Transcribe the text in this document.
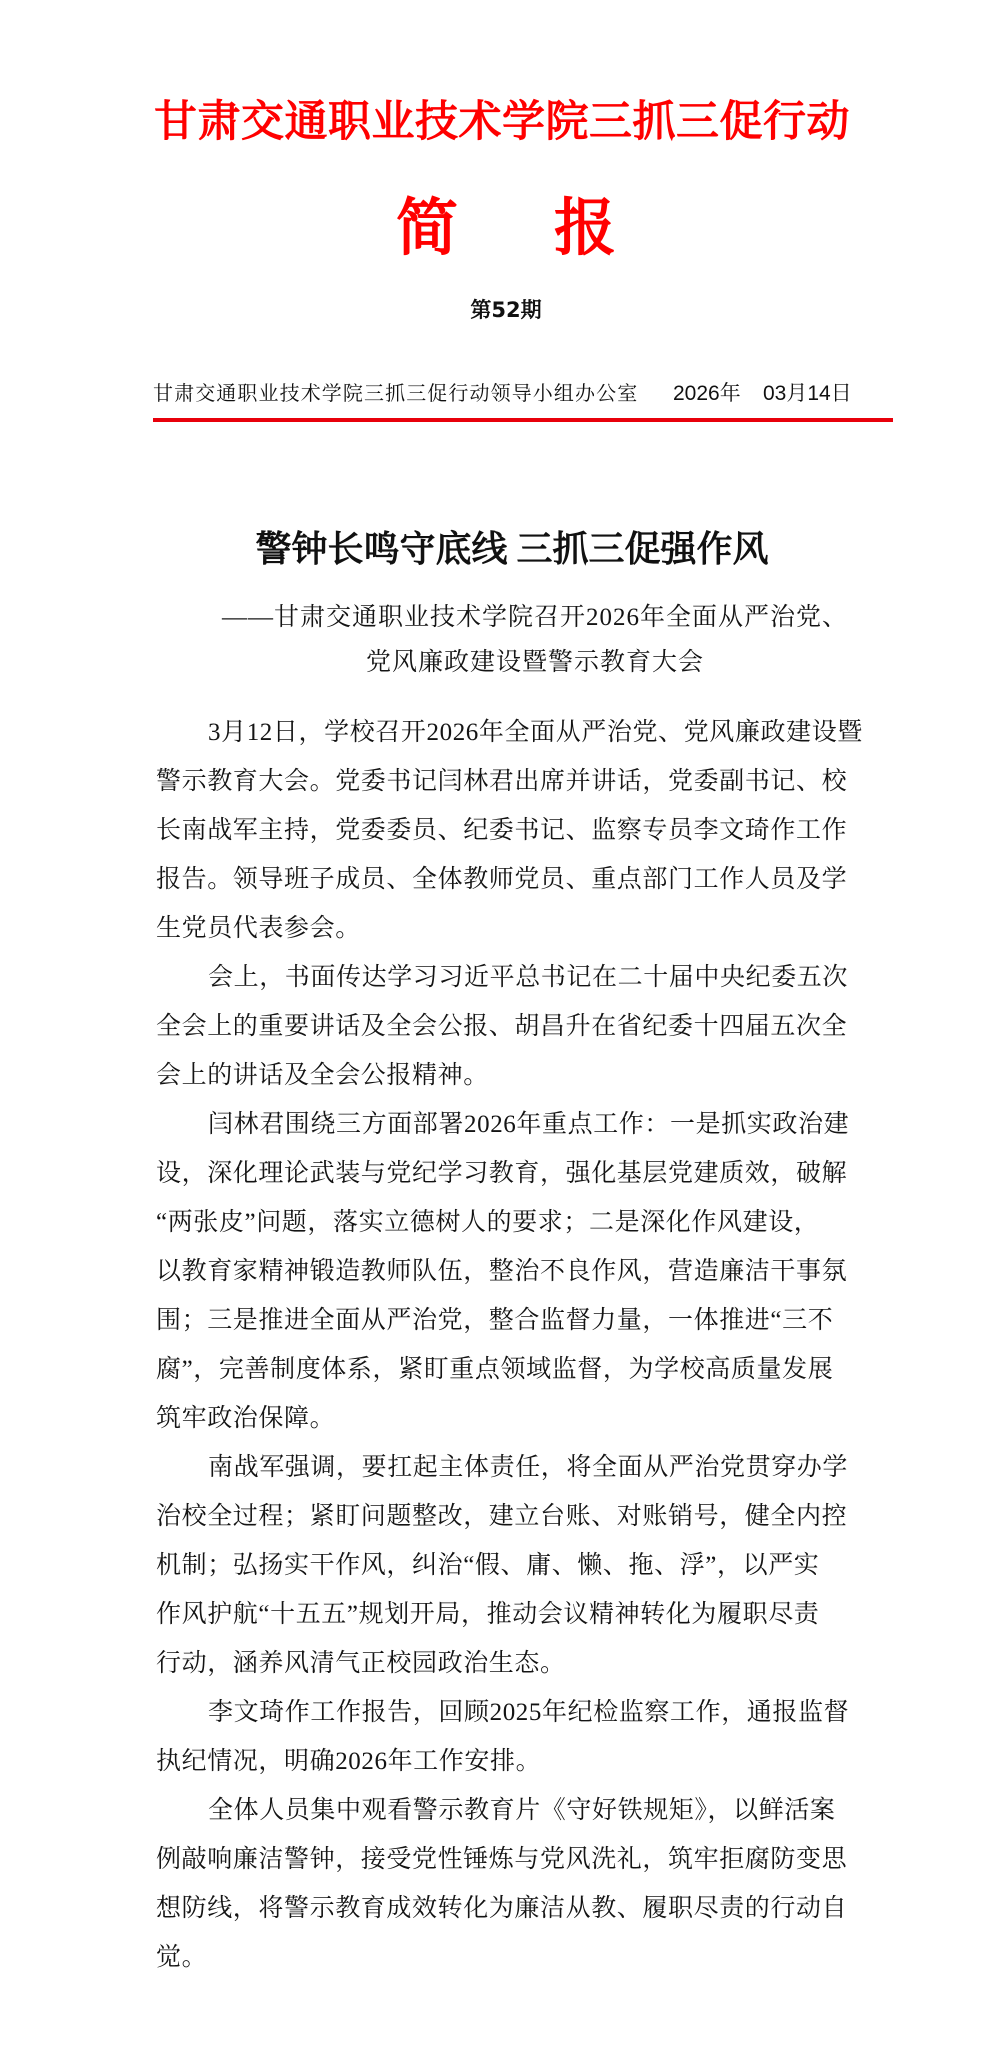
甘肃交通职业技术学院三抓三促行动
简 报
第52期
甘肃交通职业技术学院三抓三促行动领导小组办公室 2026年 03月14日
警钟长鸣守底线 三抓三促强作风
——甘肃交通职业技术学院召开2026年全面从严治党、
党风廉政建设暨警示教育大会
3月12日，学校召开2026年全面从严治党、党风廉政建设暨
警示教育大会。党委书记闫林君出席并讲话，党委副书记、校
长南战军主持，党委委员、纪委书记、监察专员李文琦作工作
报告。领导班子成员、全体教师党员、重点部门工作人员及学
生党员代表参会。
会上，书面传达学习习近平总书记在二十届中央纪委五次
全会上的重要讲话及全会公报、胡昌升在省纪委十四届五次全
会上的讲话及全会公报精神。
闫林君围绕三方面部署2026年重点工作：一是抓实政治建
设，深化理论武装与党纪学习教育，强化基层党建质效，破解
“两张皮”问题，落实立德树人的要求；二是深化作风建设，
以教育家精神锻造教师队伍，整治不良作风，营造廉洁干事氛
围；三是推进全面从严治党，整合监督力量，一体推进“三不
腐”，完善制度体系，紧盯重点领域监督，为学校高质量发展
筑牢政治保障。
南战军强调，要扛起主体责任，将全面从严治党贯穿办学
治校全过程；紧盯问题整改，建立台账、对账销号，健全内控
机制；弘扬实干作风，纠治“假、庸、懒、拖、浮”，以严实
作风护航“十五五”规划开局，推动会议精神转化为履职尽责
行动，涵养风清气正校园政治生态。
李文琦作工作报告，回顾2025年纪检监察工作，通报监督
执纪情况，明确2026年工作安排。
全体人员集中观看警示教育片《守好铁规矩》，以鲜活案
例敲响廉洁警钟，接受党性锤炼与党风洗礼，筑牢拒腐防变思
想防线，将警示教育成效转化为廉洁从教、履职尽责的行动自
觉。
